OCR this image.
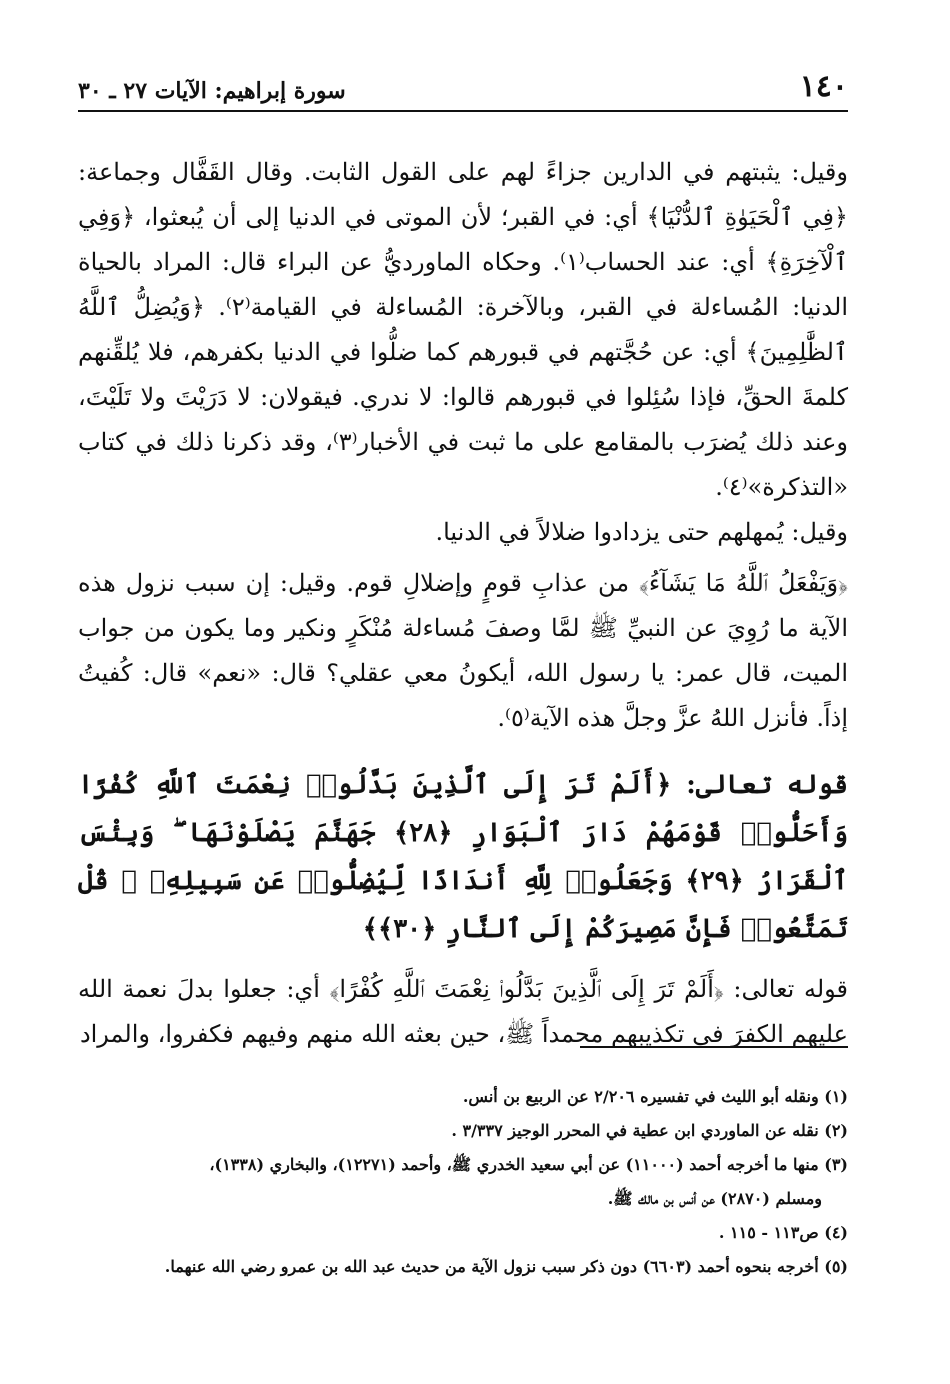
١٤٠
سورة إبراهيم: الآيات ٢٧ ـ ٣٠

وقيل: يثبتهم في الدارين جزاءً لهم على القول الثابت. وقال القَفَّال وجماعة: ﴿فِي ٱلْحَيَوٰةِ ٱلدُّنْيَا﴾ أي: في القبر؛ لأن الموتى في الدنيا إلى أن يُبعثوا، ﴿وَفِي ٱلْآخِرَةِ﴾ أي: عند الحساب⁽١⁾. وحكاه الماورديُّ عن البراء قال: المراد بالحياة الدنيا: المُساءلة في القبر، وبالآخرة: المُساءلة في القيامة⁽٢⁾. ﴿وَيُضِلُّ ٱللَّهُ ٱلظَّٰلِمِينَ﴾ أي: عن حُجَّتهم في قبورهم كما ضلُّوا في الدنيا بكفرهم، فلا يُلقِّنهم كلمةَ الحقِّ، فإذا سُئِلوا في قبورهم قالوا: لا ندري. فيقولان: لا دَرَيْتَ ولا تَلَيْتَ، وعند ذلك يُضرَب بالمقامع على ما ثبت في الأخبار⁽٣⁾، وقد ذكرنا ذلك في كتاب «التذكرة»⁽٤⁾.

وقيل: يُمهلهم حتى يزدادوا ضلالاً في الدنيا.

﴿وَيَفْعَلُ ٱللَّهُ مَا يَشَآءُ﴾ من عذابِ قومٍ وإضلالِ قوم. وقيل: إن سبب نزول هذه الآية ما رُوِيَ عن النبيِّ ﷺ لمَّا وصفَ مُساءلة مُنْكَرٍ ونكير وما يكون من جواب الميت، قال عمر: يا رسول الله، أيكونُ معي عقلي؟ قال: «نعم» قال: كُفيتُ إذاً. فأنزل اللهُ عزَّ وجلَّ هذه الآية⁽٥⁾.

قوله تعالى: ﴿أَلَمْ تَرَ إِلَى ٱلَّذِينَ بَدَّلُوا۟ نِعْمَتَ ٱللَّهِ كُفْرًا وَأَحَلُّوا۟ قَوْمَهُمْ دَارَ ٱلْبَوَارِ ﴿٢٨﴾ جَهَنَّمَ يَصْلَوْنَهَا ۖ وَبِئْسَ ٱلْقَرَارُ ﴿٢٩﴾ وَجَعَلُوا۟ لِلَّهِ أَندَادًا لِّيُضِلُّوا۟ عَن سَبِيلِهِۦ ۗ قُلْ تَمَتَّعُوا۟ فَإِنَّ مَصِيرَكُمْ إِلَى ٱلنَّارِ ﴿٣٠﴾﴾

قوله تعالى: ﴿أَلَمْ تَرَ إِلَى ٱلَّذِينَ بَدَّلُوا۟ نِعْمَتَ ٱللَّهِ كُفْرًا﴾ أي: جعلوا بدلَ نعمة الله عليهم الكفرَ في تكذيبهم محمداً ﷺ، حين بعثه الله منهم وفيهم فكفروا، والمراد

(١) ونقله أبو الليث في تفسيره ٢/٢٠٦ عن الربيع بن أنس.

(٢) نقله عن الماوردي ابن عطية في المحرر الوجيز ٣/٣٣٧ .

(٣) منها ما أخرجه أحمد (١١٠٠٠) عن أبي سعيد الخدري ﷺ، وأحمد (١٢٢٧١)، والبخاري (١٣٣٨)،

ومسلم (٢٨٧٠) عن أنس بن مالك ﷺ.

(٤) ص١١٣ - ١١٥ .

(٥) أخرجه بنحوه أحمد (٦٦٠٣) دون ذكر سبب نزول الآية من حديث عبد الله بن عمرو رضي الله عنهما.
